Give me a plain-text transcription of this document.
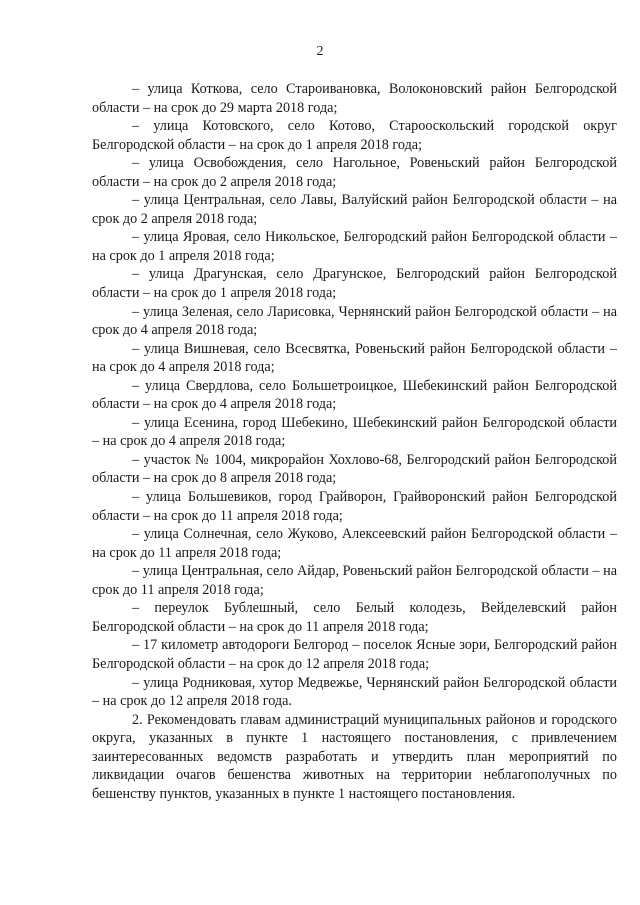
2

– улица Коткова, село Староивановка, Волоконовский район Белгородской области – на срок до 29 марта 2018 года;

– улица Котовского, село Котово, Старооскольский городской округ Белгородской области – на срок до 1 апреля 2018 года;

– улица Освобождения, село Нагольное, Ровеньский район Белгородской области – на срок до 2 апреля 2018 года;

– улица Центральная, село Лавы, Валуйский район Белгородской области – на срок до 2 апреля 2018 года;

– улица Яровая, село Никольское, Белгородский район Белгородской области – на срок до 1 апреля 2018 года;

– улица Драгунская, село Драгунское, Белгородский район Белгородской области – на срок до 1 апреля 2018 года;

– улица Зеленая, село Ларисовка, Чернянский район Белгородской области – на срок до 4 апреля 2018 года;

– улица Вишневая, село Всесвятка, Ровеньский район Белгородской области – на срок до 4 апреля 2018 года;

– улица Свердлова, село Большетроицкое, Шебекинский район Белгородской области – на срок до 4 апреля 2018 года;

– улица Есенина, город Шебекино, Шебекинский район Белгородской области – на срок до 4 апреля 2018 года;

– участок № 1004, микрорайон Хохлово-68, Белгородский район Белгородской области – на срок до 8 апреля 2018 года;

– улица Большевиков, город Грайворон, Грайворонский район Белгородской области – на срок до 11 апреля 2018 года;

– улица Солнечная, село Жуково, Алексеевский район Белгородской области – на срок до 11 апреля 2018 года;

– улица Центральная, село Айдар, Ровеньский район Белгородской области – на срок до 11 апреля 2018 года;

– переулок Бублешный, село Белый колодезь, Вейделевский район Белгородской области – на срок до 11 апреля 2018 года;

– 17 километр автодороги Белгород – поселок Ясные зори, Белгородский район Белгородской области – на срок до 12 апреля 2018 года;

– улица Родниковая, хутор Медвежье, Чернянский район Белгородской области – на срок до 12 апреля 2018 года.

2. Рекомендовать главам администраций муниципальных районов и городского округа, указанных в пункте 1 настоящего постановления, с привлечением заинтересованных ведомств разработать и утвердить план мероприятий по ликвидации очагов бешенства животных на территории неблагополучных по бешенству пунктов, указанных в пункте 1 настоящего постановления.
